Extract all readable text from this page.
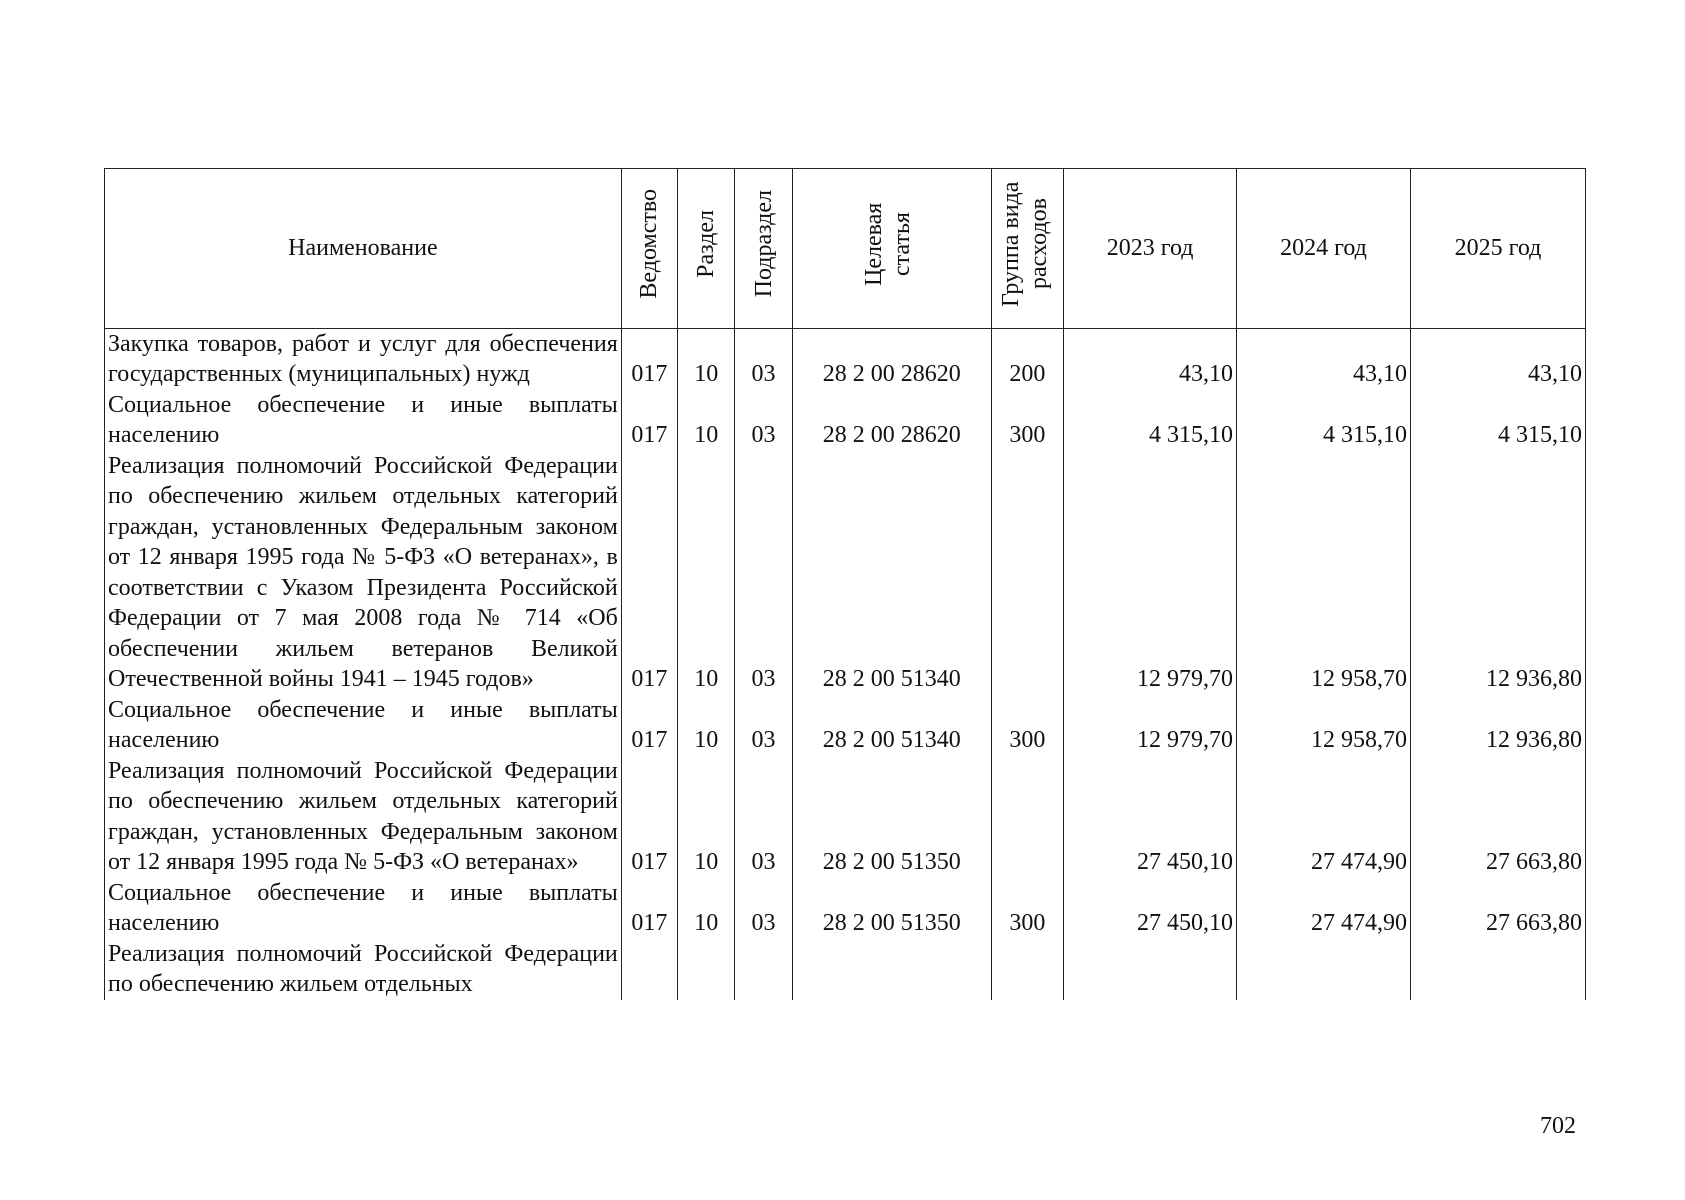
Наименование	Ведомство	Раздел	Подраздел	Целевая статья	Группа вида расходов	2023 год	2024 год	2025 год
Закупка товаров, работ и услуг для обеспечения государственных (муниципальных) нужд	017	10	03	28 2 00 28620	200	43,10	43,10	43,10
Социальное обеспечение и иные выплаты населению	017	10	03	28 2 00 28620	300	4 315,10	4 315,10	4 315,10
Реализация полномочий Российской Федерации по обеспечению жильем отдельных категорий граждан, установленных Федеральным законом от 12 января 1995 года № 5-ФЗ «О ветеранах», в соответствии с Указом Президента Российской Федерации от 7 мая 2008 года № 714 «Об обеспечении жильем ветеранов Великой Отечественной войны 1941 – 1945 годов»	017	10	03	28 2 00 51340		12 979,70	12 958,70	12 936,80
Социальное обеспечение и иные выплаты населению	017	10	03	28 2 00 51340	300	12 979,70	12 958,70	12 936,80
Реализация полномочий Российской Федерации по обеспечению жильем отдельных категорий граждан, установленных Федеральным законом от 12 января 1995 года № 5-ФЗ «О ветеранах»	017	10	03	28 2 00 51350		27 450,10	27 474,90	27 663,80
Социальное обеспечение и иные выплаты населению	017	10	03	28 2 00 51350	300	27 450,10	27 474,90	27 663,80
Реализация полномочий Российской Федерации по обеспечению жильем отдельных								
702
